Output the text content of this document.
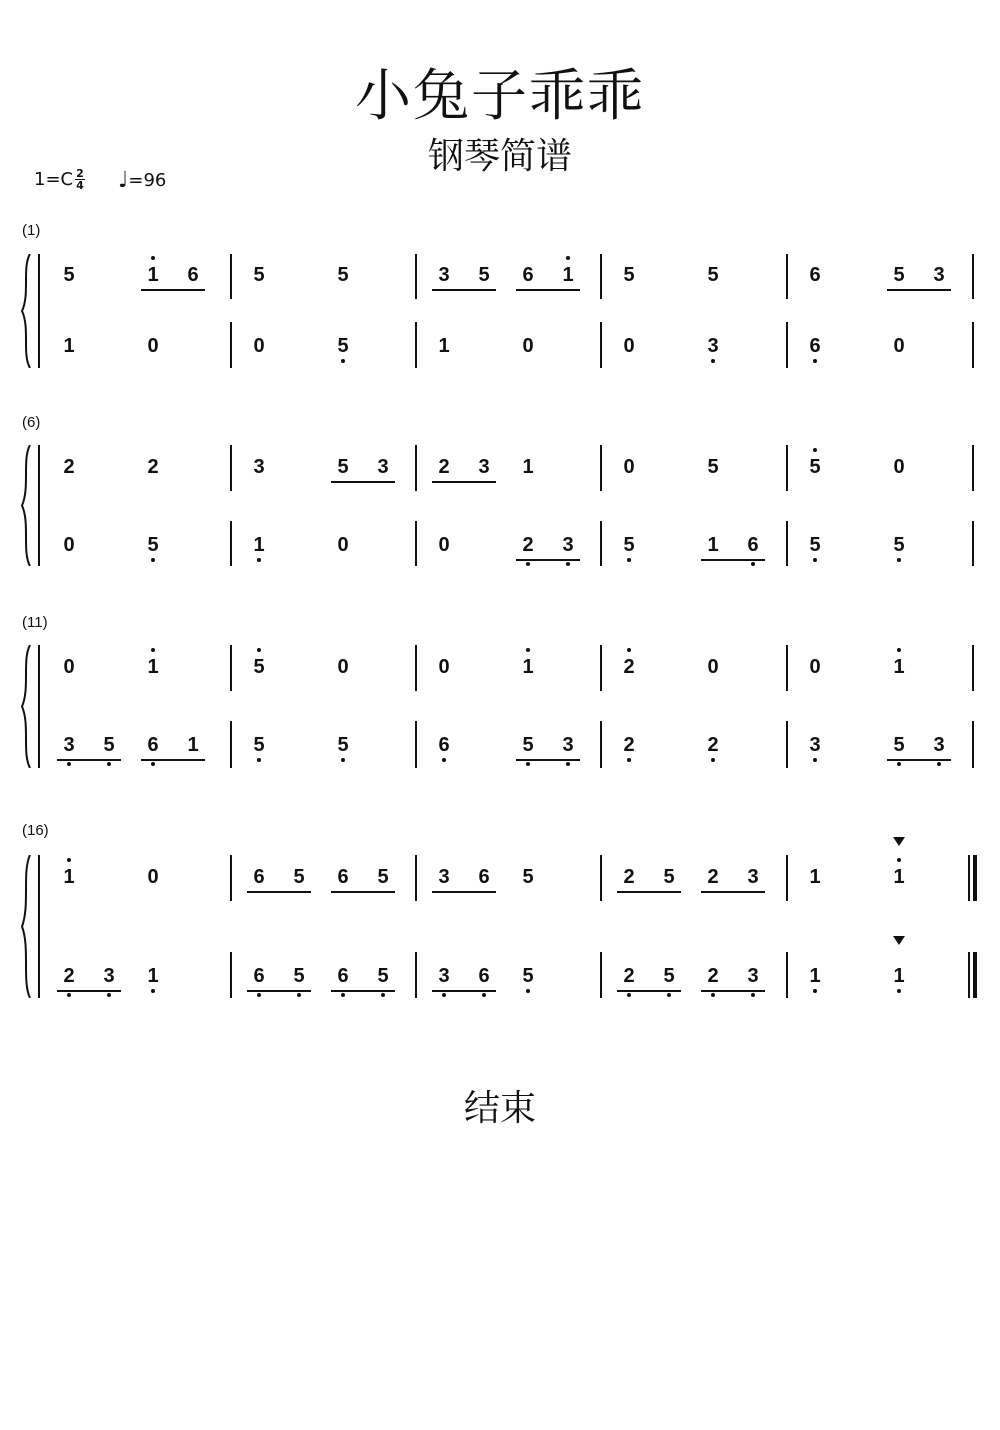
小兔子乖乖
钢琴简谱
$1=C \frac{2}{4}$ ♩ =96
(1)
5	1 6	5	5	3 5 6 1 5	5	6	5 3
1	0	0	5	1	0	0	3	6	0
(6)
2	2	3	5 3 2 3 1	0	5	5	0
0	5	1	0	0	2 3 5	1 6	5	5
(11)
0	1	5	0	0	1	2	0	0	1
3 5 6 1	5	5	6	5 3 2	2	3	5 3
(16)
1	0	6 5 6 5 3 6 5	2 5 2 3	1	1
2 3 1	6 5 6 5 3 6 5	2 5 2 3	1	1
结束
